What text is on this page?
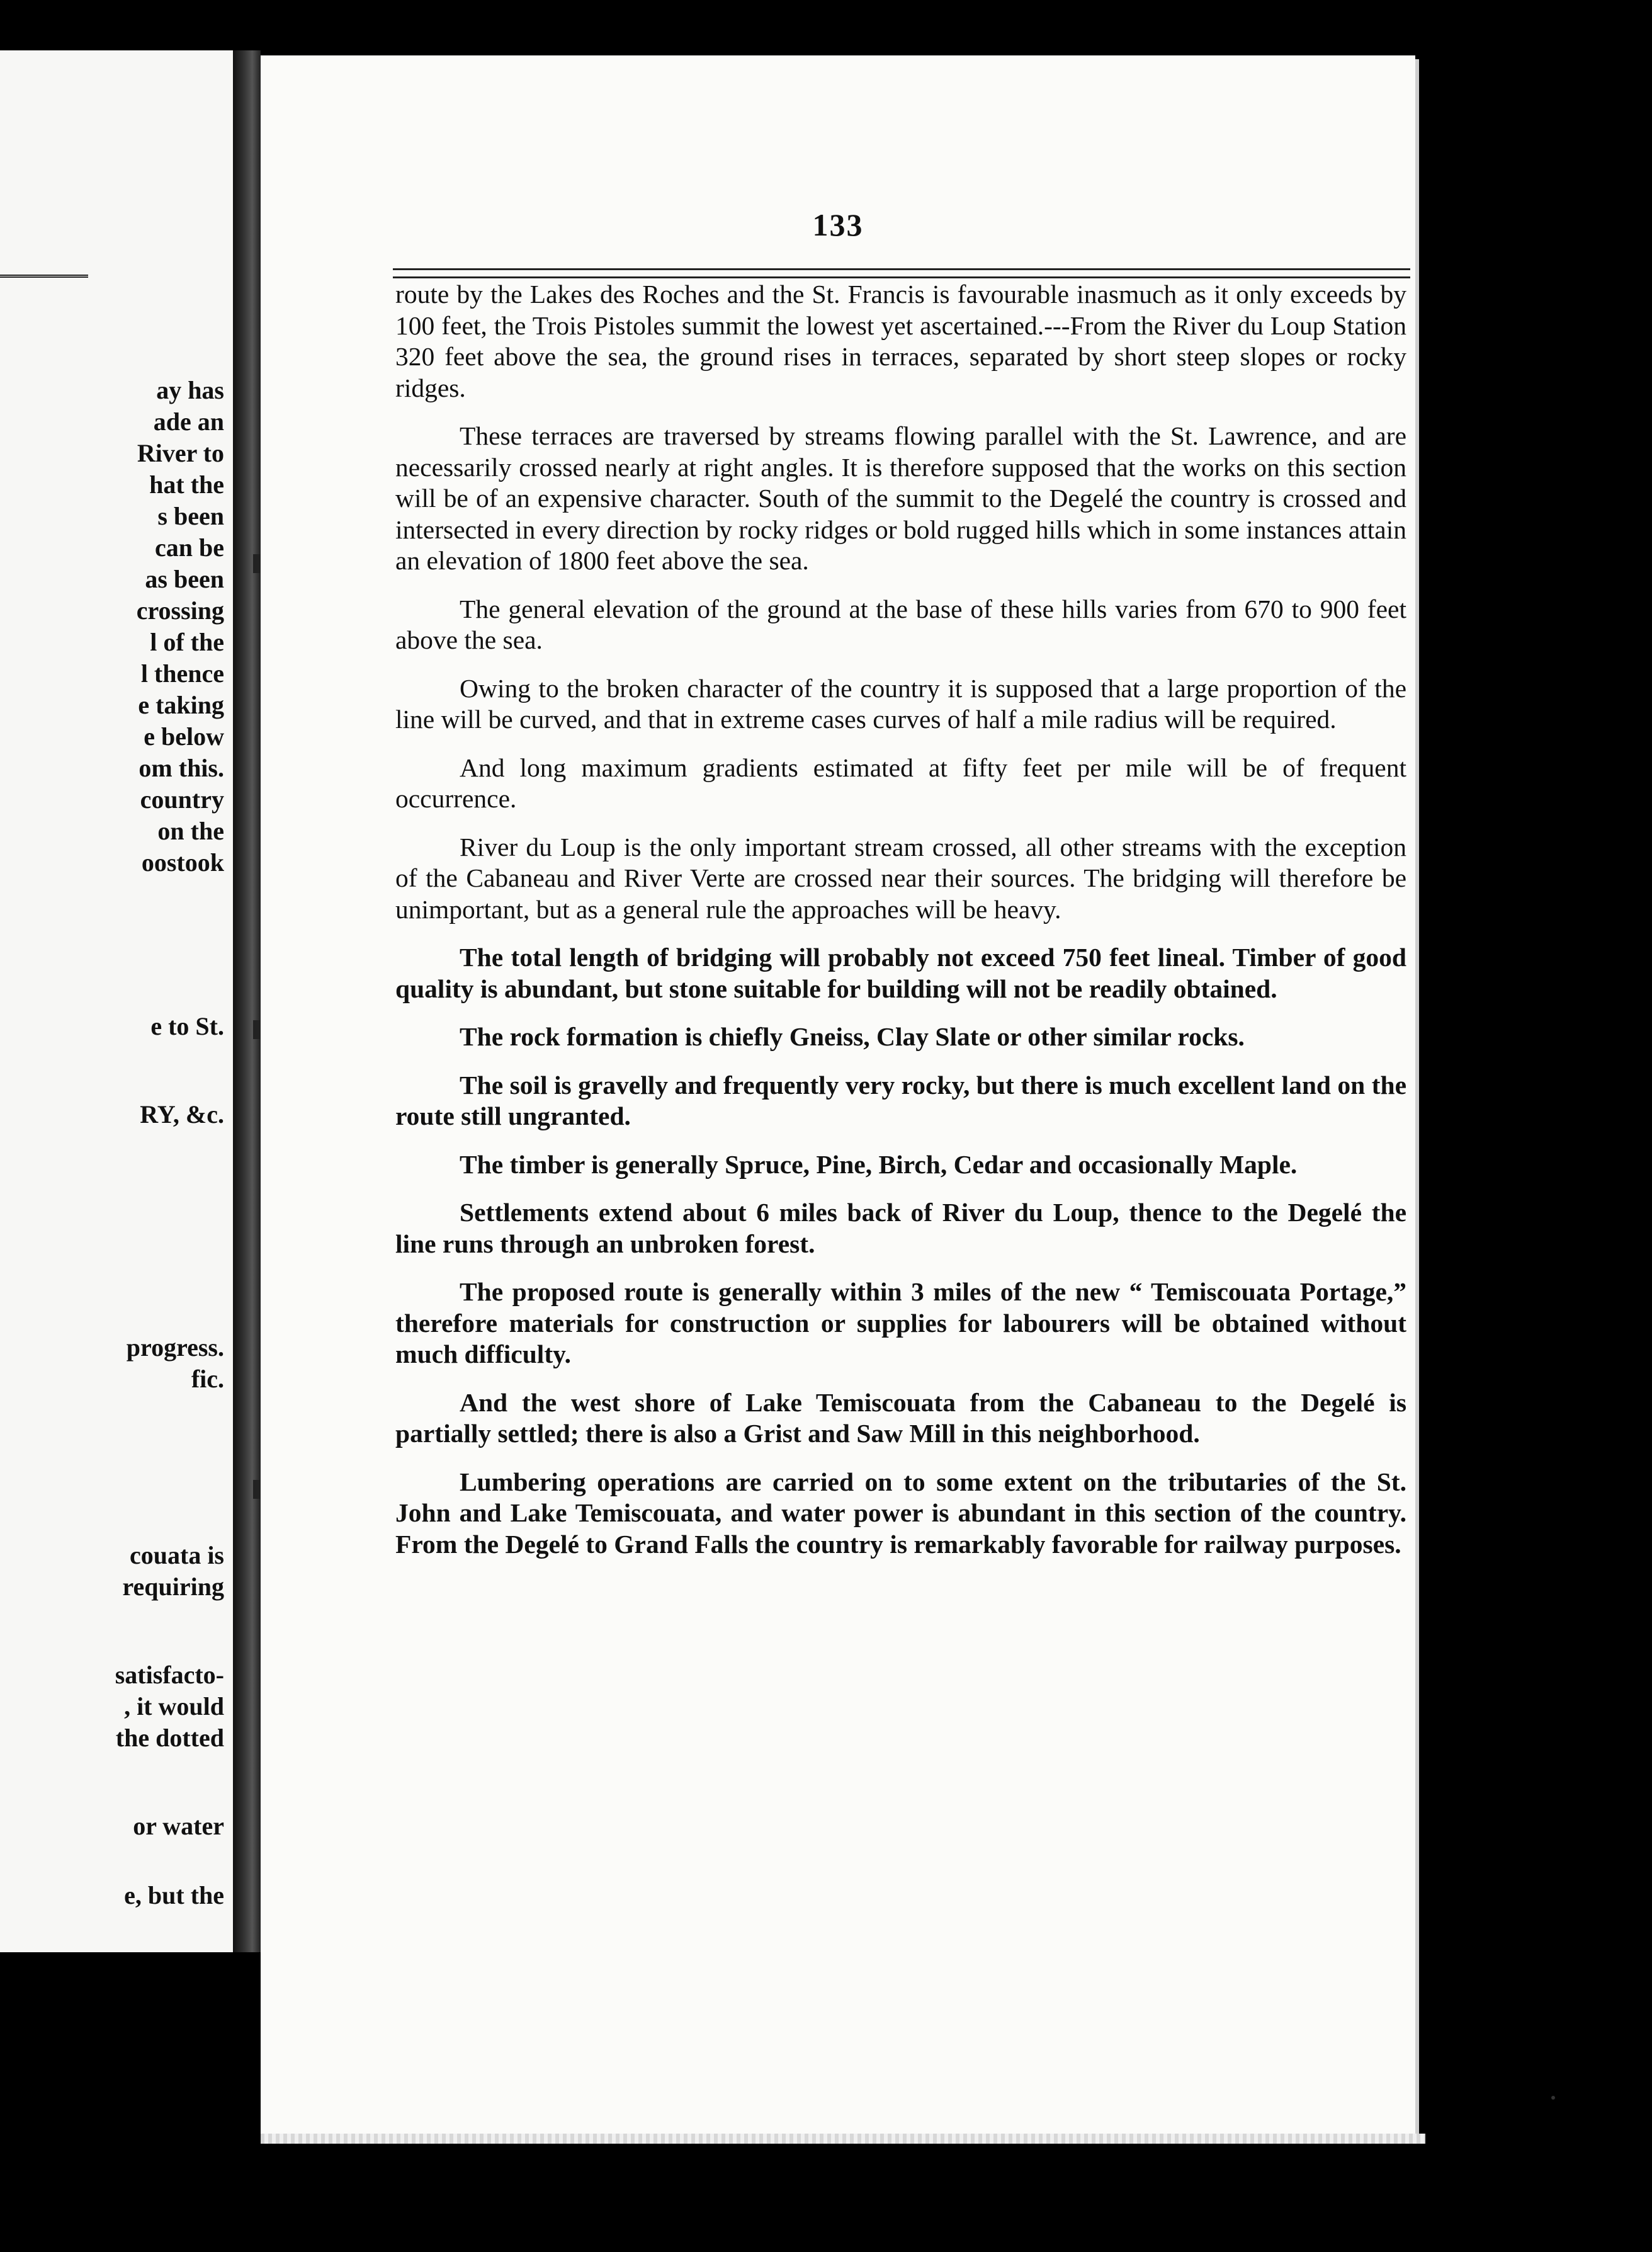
ay has
ade an
River to
hat the
s been
can be
as been
crossing
l of the
l thence
e taking
e below
om this.
country
on the
oostook
e to St.
RY, &c.
progress.
fic.
couata is
requiring
satisfacto-
, it would
the dotted
or water
e, but the
133

route by the Lakes des Roches and the St. Francis is favourable inasmuch as it only exceeds by 100 feet, the Trois Pistoles summit the lowest yet ascertained.---From the River du Loup Station 320 feet above the sea, the ground rises in terraces, separated by short steep slopes or rocky ridges.

These terraces are traversed by streams flowing parallel with the St. Lawrence, and are necessarily crossed nearly at right angles. It is therefore supposed that the works on this section will be of an expensive character. South of the summit to the Degelé the country is crossed and intersected in every direction by rocky ridges or bold rugged hills which in some instances attain an elevation of 1800 feet above the sea.

The general elevation of the ground at the base of these hills varies from 670 to 900 feet above the sea.

Owing to the broken character of the country it is supposed that a large proportion of the line will be curved, and that in extreme cases curves of half a mile radius will be required.

And long maximum gradients estimated at fifty feet per mile will be of frequent occurrence.

River du Loup is the only important stream crossed, all other streams with the exception of the Cabaneau and River Verte are crossed near their sources. The bridging will therefore be unimportant, but as a general rule the approaches will be heavy.

The total length of bridging will probably not exceed 750 feet lineal. Timber of good quality is abundant, but stone suitable for building will not be readily obtained.

The rock formation is chiefly Gneiss, Clay Slate or other similar rocks.

The soil is gravelly and frequently very rocky, but there is much excellent land on the route still ungranted.

The timber is generally Spruce, Pine, Birch, Cedar and occasionally Maple.

Settlements extend about 6 miles back of River du Loup, thence to the Degelé the line runs through an unbroken forest.

The proposed route is generally within 3 miles of the new “ Temiscouata Portage,” therefore materials for construction or supplies for labourers will be obtained without much difficulty.

And the west shore of Lake Temiscouata from the Cabaneau to the Degelé is partially settled; there is also a Grist and Saw Mill in this neighborhood.

Lumbering operations are carried on to some extent on the tributaries of the St. John and Lake Temiscouata, and water power is abundant in this section of the country. From the Degelé to Grand Falls the country is remarkably favorable for railway purposes.
